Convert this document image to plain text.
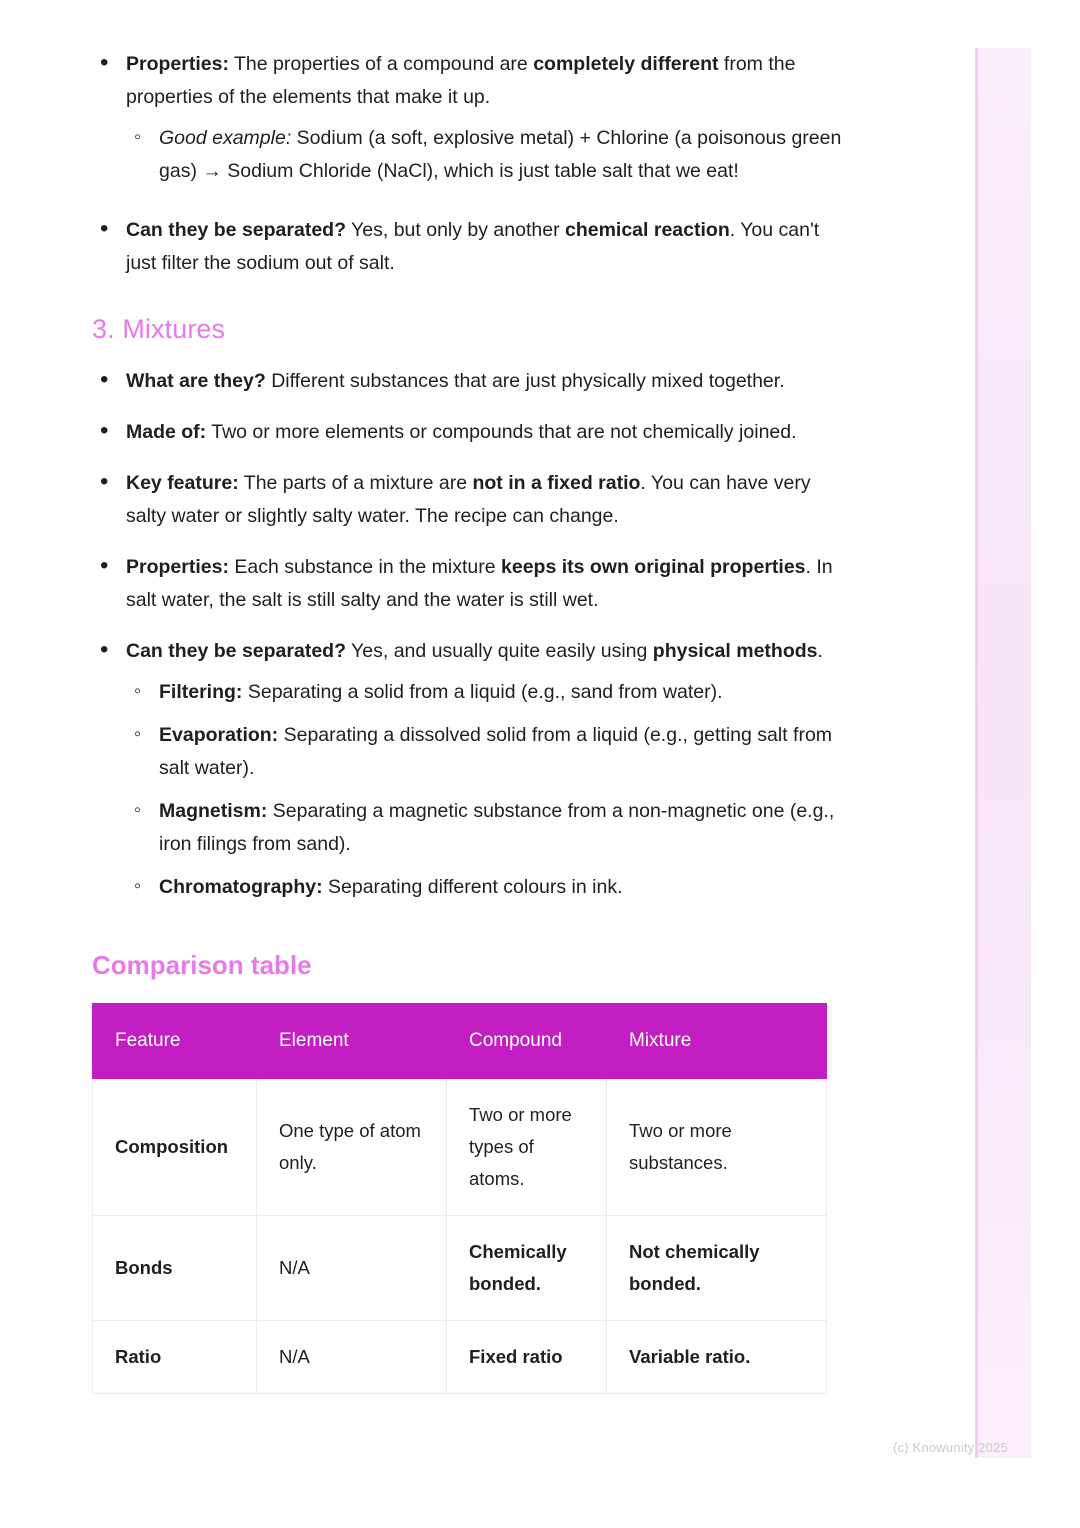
• Properties: The properties of a compound are completely different from the properties of the elements that make it up.
◦ Good example: Sodium (a soft, explosive metal) + Chlorine (a poisonous green gas) → Sodium Chloride (NaCl), which is just table salt that we eat!
• Can they be separated? Yes, but only by another chemical reaction. You can't just filter the sodium out of salt.
3. Mixtures
• What are they? Different substances that are just physically mixed together.
• Made of: Two or more elements or compounds that are not chemically joined.
• Key feature: The parts of a mixture are not in a fixed ratio. You can have very salty water or slightly salty water. The recipe can change.
• Properties: Each substance in the mixture keeps its own original properties. In salt water, the salt is still salty and the water is still wet.
• Can they be separated? Yes, and usually quite easily using physical methods.
◦ Filtering: Separating a solid from a liquid (e.g., sand from water).
◦ Evaporation: Separating a dissolved solid from a liquid (e.g., getting salt from salt water).
◦ Magnetism: Separating a magnetic substance from a non-magnetic one (e.g., iron filings from sand).
◦ Chromatography: Separating different colours in ink.
Comparison table
Feature	Element	Compound	Mixture
Composition	One type of atom only.	Two or more types of atoms.	Two or more substances.
Bonds	N/A	Chemically bonded.	Not chemically bonded.
Ratio	N/A	Fixed ratio	Variable ratio.
(c) Knowunity 2025
